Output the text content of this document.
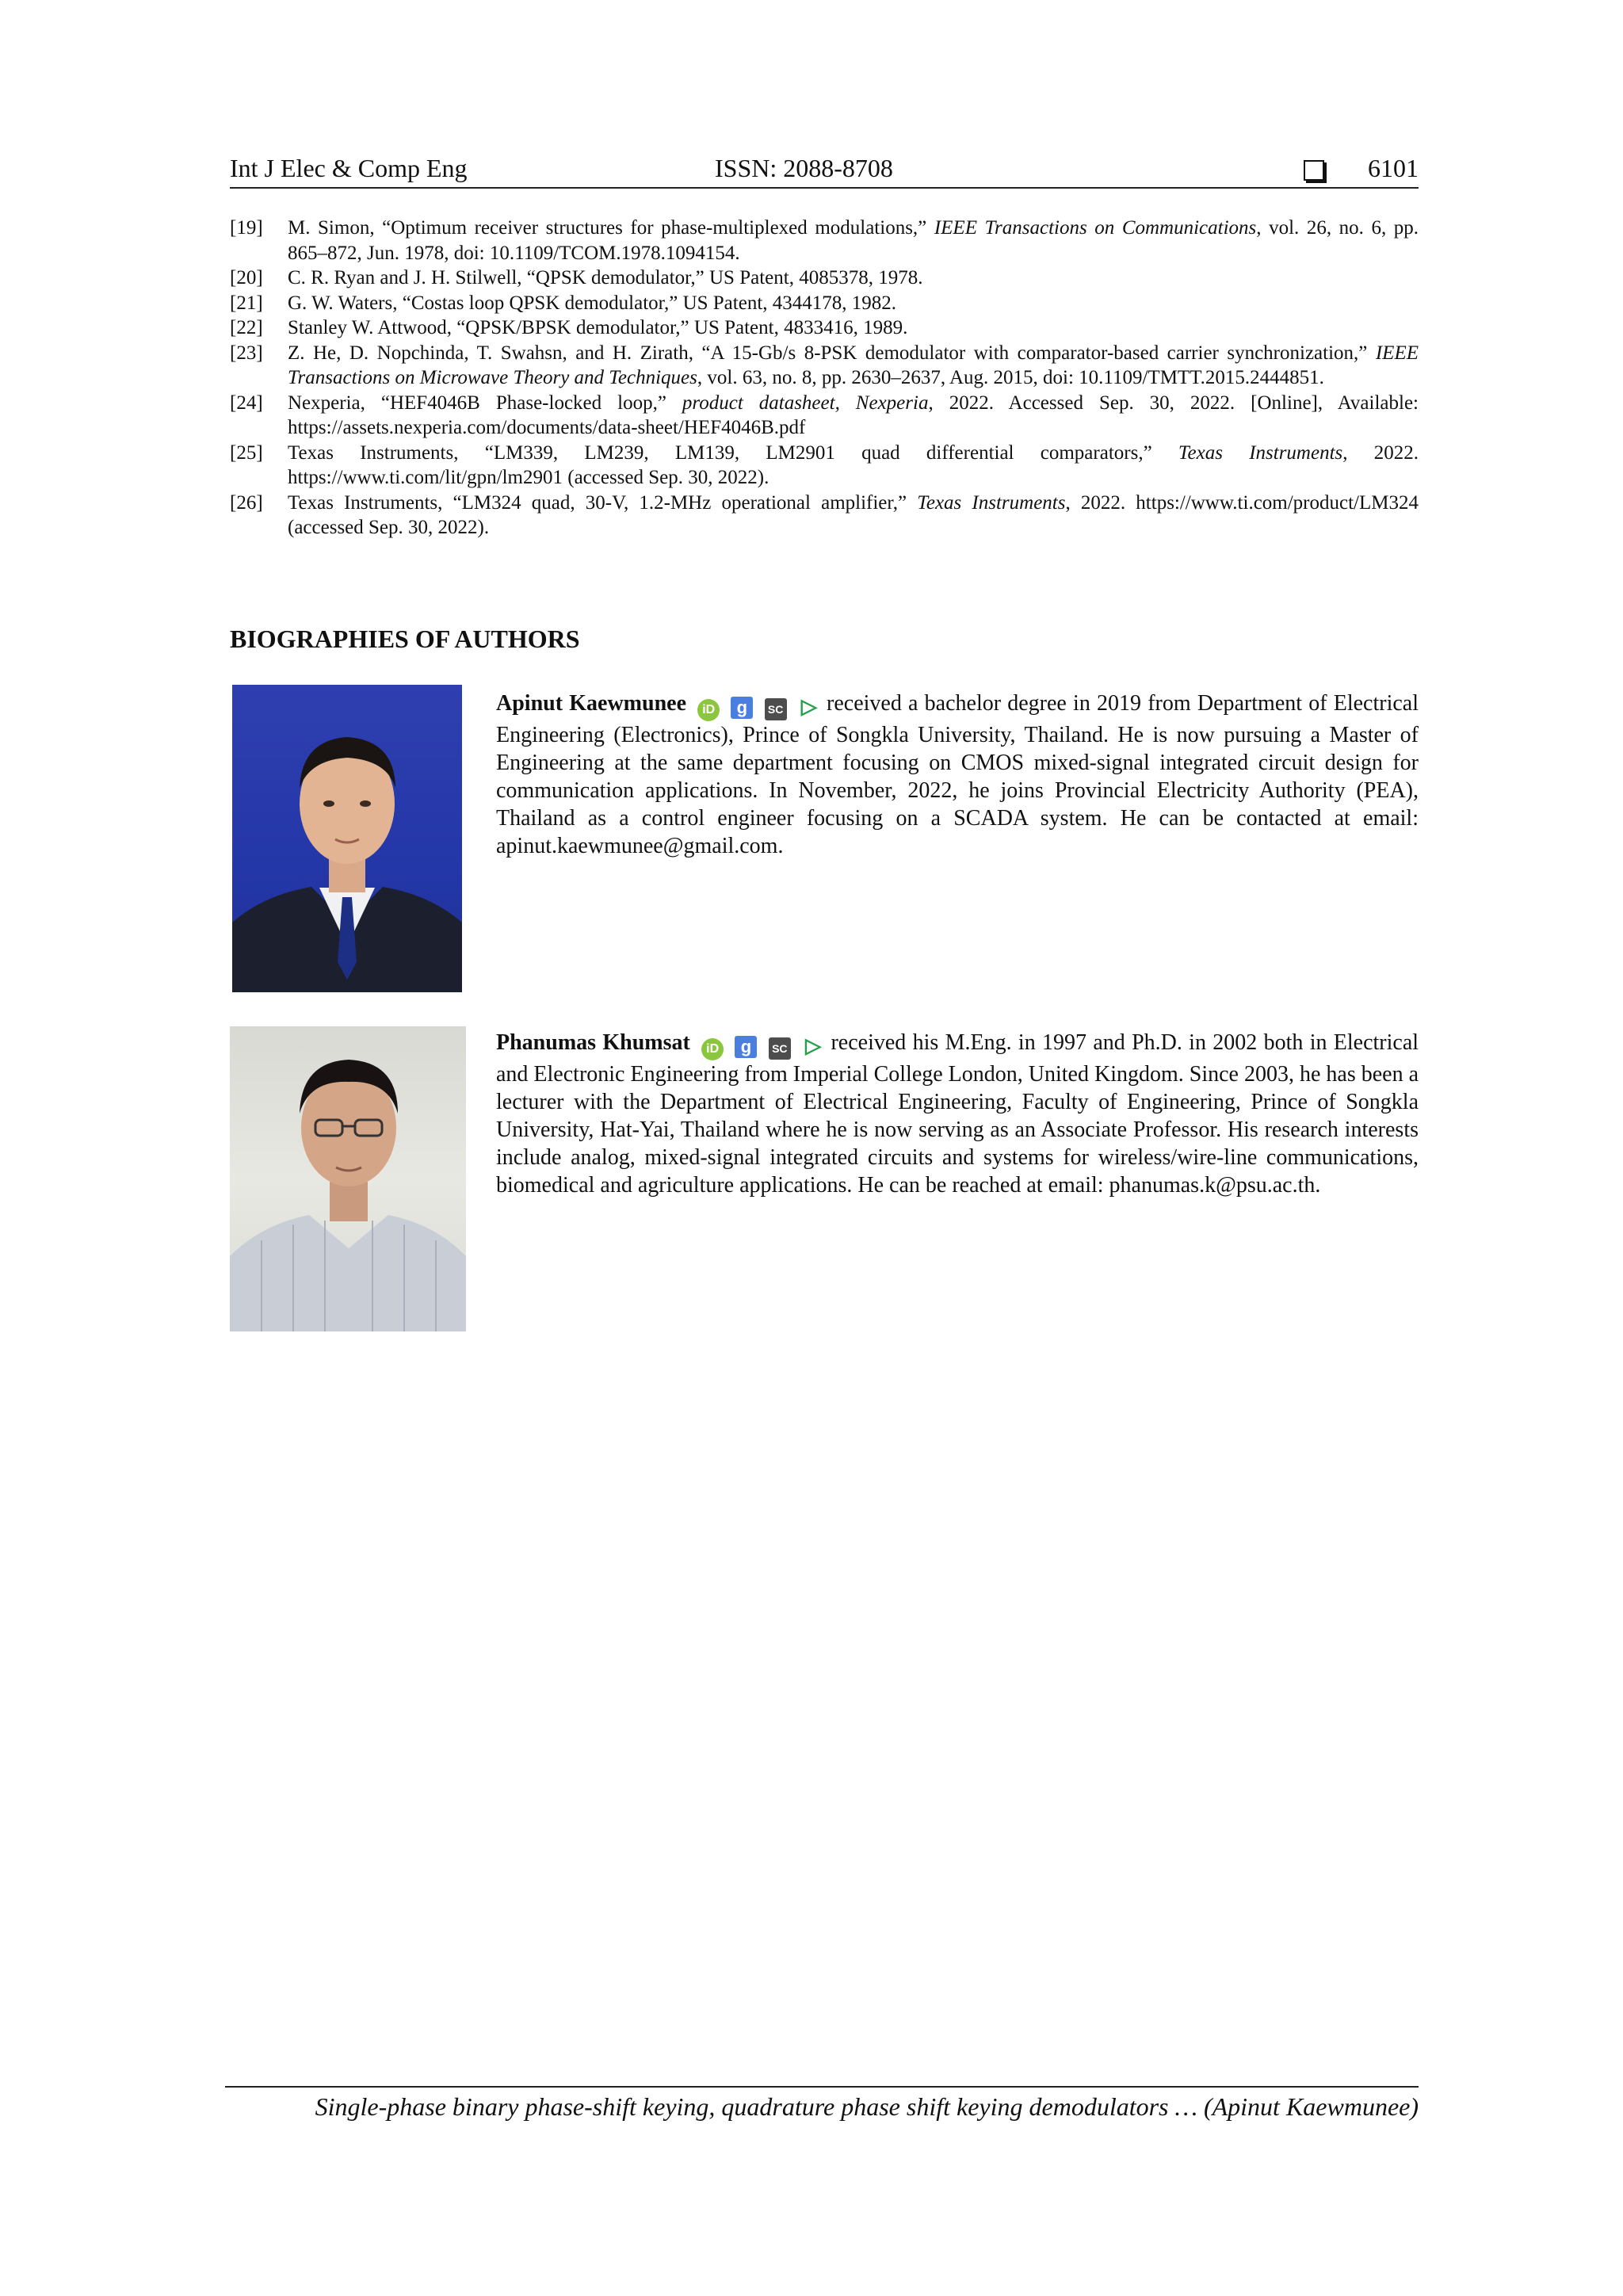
Int J Elec & Comp Eng	ISSN: 2088-8708	6101
[19]	M. Simon, “Optimum receiver structures for phase-multiplexed modulations,” IEEE Transactions on Communications, vol. 26, no. 6, pp. 865–872, Jun. 1978, doi: 10.1109/TCOM.1978.1094154.
[20]	C. R. Ryan and J. H. Stilwell, “QPSK demodulator,” US Patent, 4085378, 1978.
[21]	G. W. Waters, “Costas loop QPSK demodulator,” US Patent, 4344178, 1982.
[22]	Stanley W. Attwood, “QPSK/BPSK demodulator,” US Patent, 4833416, 1989.
[23]	Z. He, D. Nopchinda, T. Swahsn, and H. Zirath, “A 15-Gb/s 8-PSK demodulator with comparator-based carrier synchronization,” IEEE Transactions on Microwave Theory and Techniques, vol. 63, no. 8, pp. 2630–2637, Aug. 2015, doi: 10.1109/TMTT.2015.2444851.
[24]	Nexperia, “HEF4046B Phase-locked loop,” product datasheet, Nexperia, 2022. Accessed Sep. 30, 2022. [Online], Available: https://assets.nexperia.com/documents/data-sheet/HEF4046B.pdf
[25]	Texas Instruments, “LM339, LM239, LM139, LM2901 quad differential comparators,” Texas Instruments, 2022. https://www.ti.com/lit/gpn/lm2901 (accessed Sep. 30, 2022).
[26]	Texas Instruments, “LM324 quad, 30-V, 1.2-MHz operational amplifier,” Texas Instruments, 2022. https://www.ti.com/product/LM324 (accessed Sep. 30, 2022).
BIOGRAPHIES OF AUTHORS
Apinut Kaewmunee iD g SC ▷ received a bachelor degree in 2019 from Department of Electrical Engineering (Electronics), Prince of Songkla University, Thailand. He is now pursuing a Master of Engineering at the same department focusing on CMOS mixed-signal integrated circuit design for communication applications. In November, 2022, he joins Provincial Electricity Authority (PEA), Thailand as a control engineer focusing on a SCADA system. He can be contacted at email: apinut.kaewmunee@gmail.com.
Phanumas Khumsat iD g SC ▷ received his M.Eng. in 1997 and Ph.D. in 2002 both in Electrical and Electronic Engineering from Imperial College London, United Kingdom. Since 2003, he has been a lecturer with the Department of Electrical Engineering, Faculty of Engineering, Prince of Songkla University, Hat-Yai, Thailand where he is now serving as an Associate Professor. His research interests include analog, mixed-signal integrated circuits and systems for wireless/wire-line communications, biomedical and agriculture applications. He can be reached at email: phanumas.k@psu.ac.th.
Single-phase binary phase-shift keying, quadrature phase shift keying demodulators … (Apinut Kaewmunee)
